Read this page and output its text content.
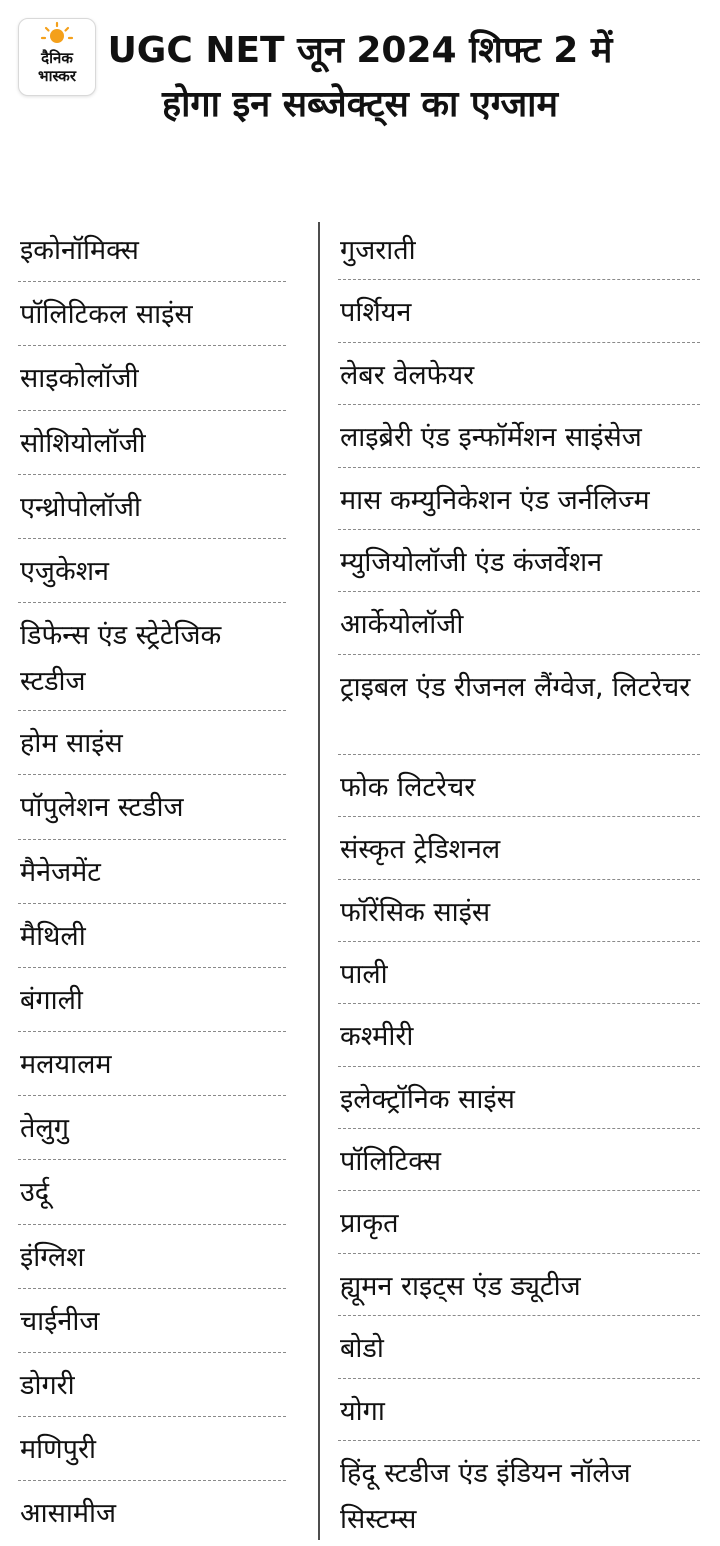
दैनिक
भास्कर
UGC NET जून 2024 शिफ्ट 2 में होगा इन सब्जेक्ट्स का एग्जाम
इकोनॉमिक्स
पॉलिटिकल साइंस
साइकोलॉजी
सोशियोलॉजी
एन्थ्रोपोलॉजी
एजुकेशन
डिफेन्स एंड स्ट्रेटेजिक स्टडीज
होम साइंस
पॉपुलेशन स्टडीज
मैनेजमेंट
मैथिली
बंगाली
मलयालम
तेलुगु
उर्दू
इंग्लिश
चाईनीज
डोगरी
मणिपुरी
आसामीज
गुजराती
पर्शियन
लेबर वेलफेयर
लाइब्रेरी एंड इन्फॉर्मेशन साइंसेज
मास कम्युनिकेशन एंड जर्नलिज्म
म्युजियोलॉजी एंड कंजर्वेशन
आर्केयोलॉजी
ट्राइबल एंड रीजनल लैंग्वेज, लिटरेचर
फोक लिटरेचर
संस्कृत ट्रेडिशनल
फॉरेंसिक साइंस
पाली
कश्मीरी
इलेक्ट्रॉनिक साइंस
पॉलिटिक्स
प्राकृत
ह्यूमन राइट्स एंड ड्यूटीज
बोडो
योगा
हिंदू स्टडीज एंड इंडियन नॉलेज सिस्टम्स
